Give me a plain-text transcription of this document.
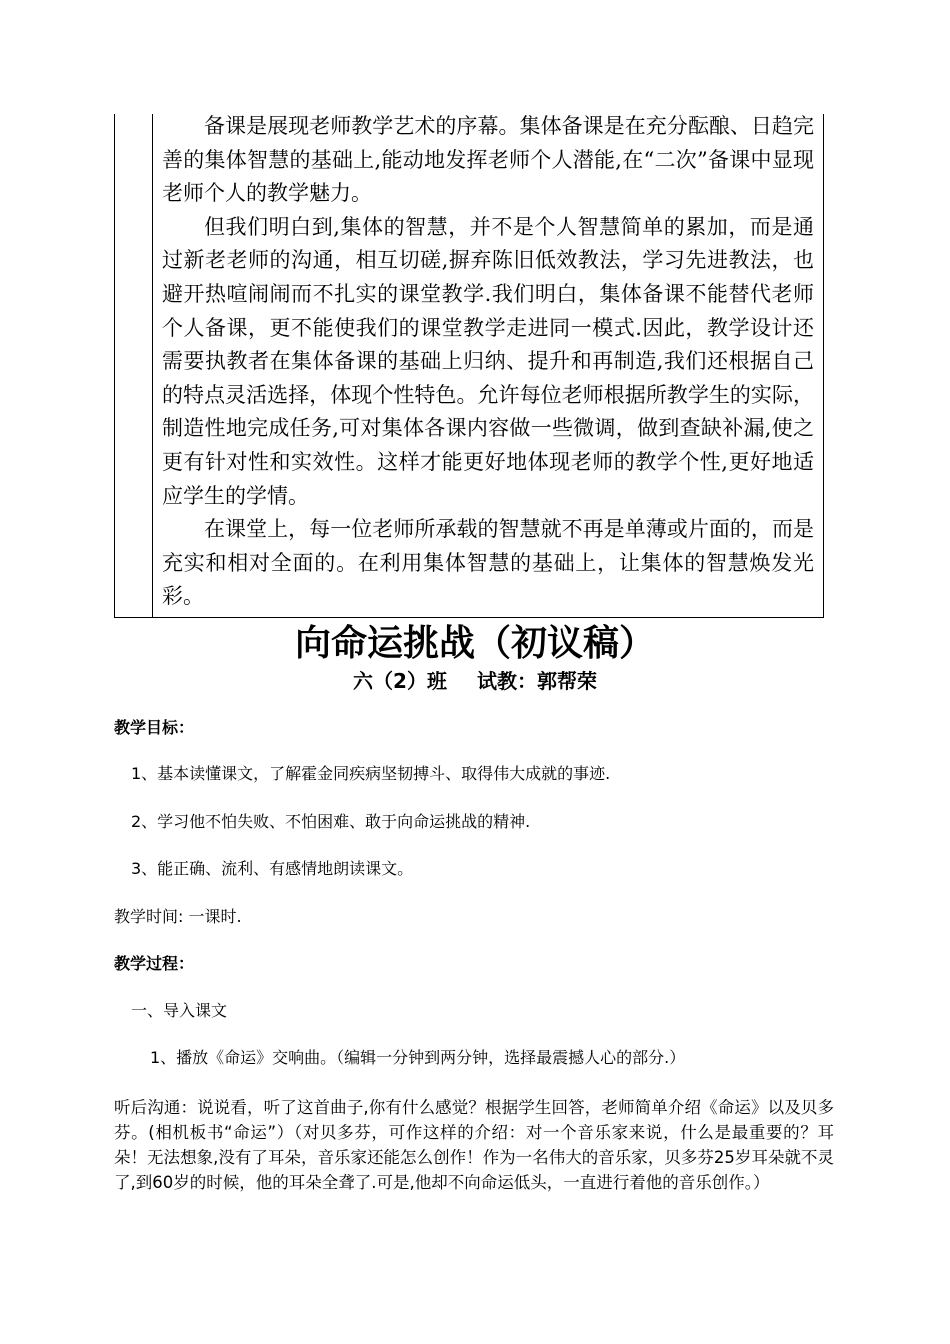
备课是展现老师教学艺术的序幕。集体备课是在充分酝酿、日趋完善的集体智慧的基础上,能动地发挥老师个人潜能,在“二次”备课中显现老师个人的教学魅力。

但我们明白到,集体的智慧，并不是个人智慧简单的累加，而是通过新老老师的沟通，相互切磋,摒弃陈旧低效教法，学习先进教法，也避开热喧闹闹而不扎实的课堂教学.我们明白，集体备课不能替代老师个人备课，更不能使我们的课堂教学走进同一模式.因此，教学设计还需要执教者在集体备课的基础上归纳、提升和再制造,我们还根据自己的特点灵活选择，体现个性特色。允许每位老师根据所教学生的实际，制造性地完成任务,可对集体各课内容做一些微调，做到查缺补漏,使之更有针对性和实效性。这样才能更好地体现老师的教学个性,更好地适应学生的学情。

在课堂上，每一位老师所承载的智慧就不再是单薄或片面的，而是充实和相对全面的。在利用集体智慧的基础上，让集体的智慧焕发光彩。

向命运挑战（初议稿）
六（2）班 试教：郭帮荣
教学目标：
1、基本读懂课文，了解霍金同疾病坚韧搏斗、取得伟大成就的事迹.
2、学习他不怕失败、不怕困难、敢于向命运挑战的精神.
3、能正确、流利、有感情地朗读课文。
教学时间: 一课时.
教学过程：
一、导入课文
1、播放《命运》交响曲。（编辑一分钟到两分钟，选择最震撼人心的部分.）
听后沟通：说说看，听了这首曲子,你有什么感觉？根据学生回答，老师简单介绍《命运》以及贝多芬。(相机板书“命运”）（对贝多芬，可作这样的介绍：对一个音乐家来说，什么是最重要的？耳朵！无法想象,没有了耳朵，音乐家还能怎么创作！作为一名伟大的音乐家，贝多芬25岁耳朵就不灵了,到60岁的时候，他的耳朵全聋了.可是,他却不向命运低头，一直进行着他的音乐创作。）
